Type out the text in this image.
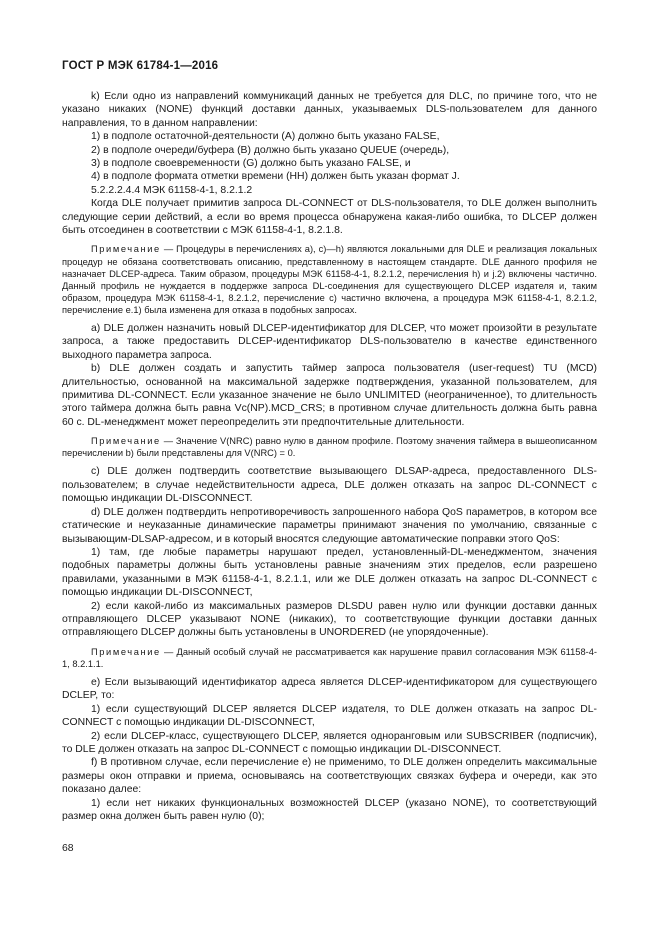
ГОСТ Р МЭК 61784-1—2016

k) Если одно из направлений коммуникаций данных не требуется для DLC, по причине того, что не указано никаких (NONE) функций доставки данных, указываемых DLS-пользователем для данного направления, то в данном направлении:

1) в подполе остаточной-деятельности (A) должно быть указано FALSE,

2) в подполе очереди/буфера (B) должно быть указано QUEUE (очередь),

3) в подполе своевременности (G) должно быть указано FALSE, и

4) в подполе формата отметки времени (HH) должен быть указан формат J.

5.2.2.2.4.4 МЭК 61158-4-1, 8.2.1.2

Когда DLE получает примитив запроса DL-CONNECT от DLS-пользователя, то DLE должен выполнить следующие серии действий, а если во время процесса обнаружена какая-либо ошибка, то DLCEP должен быть отсоединен в соответствии с МЭК 61158-4-1, 8.2.1.8.

Примечание — Процедуры в перечислениях а), c)—h) являются локальными для DLE и реализация локальных процедур не обязана соответствовать описанию, представленному в настоящем стандарте. DLE данного профиля не назначает DLCEP-адреса. Таким образом, процедуры МЭК 61158-4-1, 8.2.1.2, перечисления h) и j.2) включены частично. Данный профиль не нуждается в поддержке запроса DL-соединения для существующего DLCEP издателя и, таким образом, процедура МЭК 61158-4-1, 8.2.1.2, перечисление c) частично включена, а процедура МЭК 61158-4-1, 8.2.1.2, перечисление e.1) была изменена для отказа в подобных запросах.

a) DLE должен назначить новый DLCEP-идентификатор для DLCEP, что может произойти в результате запроса, а также предоставить DLCEP-идентификатор DLS-пользователю в качестве единственного выходного параметра запроса.

b) DLE должен создать и запустить таймер запроса пользователя (user-request) TU (MCD) длительностью, основанной на максимальной задержке подтверждения, указанной пользователем, для примитива DL-CONNECT. Если указанное значение не было UNLIMITED (неограниченное), то длительность этого таймера должна быть равна Vc(NP).MCD_CRS; в противном случае длительность должна быть равна 60 с. DL-менеджмент может переопределить эти предпочтительные длительности.

Примечание — Значение V(NRC) равно нулю в данном профиле. Поэтому значения таймера в вышеописанном перечислении b) были представлены для V(NRC) = 0.

c) DLE должен подтвердить соответствие вызывающего DLSAP-адреса, предоставленного DLS-пользователем; в случае недействительности адреса, DLE должен отказать на запрос DL-CONNECT с помощью индикации DL-DISCONNECT.

d) DLE должен подтвердить непротиворечивость запрошенного набора QoS параметров, в котором все статические и неуказанные динамические параметры принимают значения по умолчанию, связанные с вызывающим-DLSAP-адресом, и в который вносятся следующие автоматические поправки этого QoS:

1) там, где любые параметры нарушают предел, установленный-DL-менеджментом, значения подобных параметры должны быть установлены равные значениям этих пределов, если разрешено правилами, указанными в МЭК 61158-4-1, 8.2.1.1, или же DLE должен отказать на запрос DL-CONNECT с помощью индикации DL-DISCONNECT,

2) если какой-либо из максимальных размеров DLSDU равен нулю или функции доставки данных отправляющего DLCEP указывают NONE (никаких), то соответствующие функции доставки данных отправляющего DLCEP должны быть установлены в UNORDERED (не упорядоченные).

Примечание — Данный особый случай не рассматривается как нарушение правил согласования МЭК 61158-4-1, 8.2.1.1.

e) Если вызывающий идентификатор адреса является DLCEP-идентификатором для существующего DCLEP, то:

1) если существующий DLCEP является DLCEP издателя, то DLE должен отказать на запрос DL-CONNECT с помощью индикации DL-DISCONNECT,

2) если DLCEP-класс, существующего DLCEP, является одноранговым или SUBSCRIBER (подписчик), то DLE должен отказать на запрос DL-CONNECT с помощью индикации DL-DISCONNECT.

f) В противном случае, если перечисление e) не применимо, то DLE должен определить максимальные размеры окон отправки и приема, основываясь на соответствующих связках буфера и очереди, как это показано далее:

1) если нет никаких функциональных возможностей DLCEP (указано NONE), то соответствующий размер окна должен быть равен нулю (0);

68
